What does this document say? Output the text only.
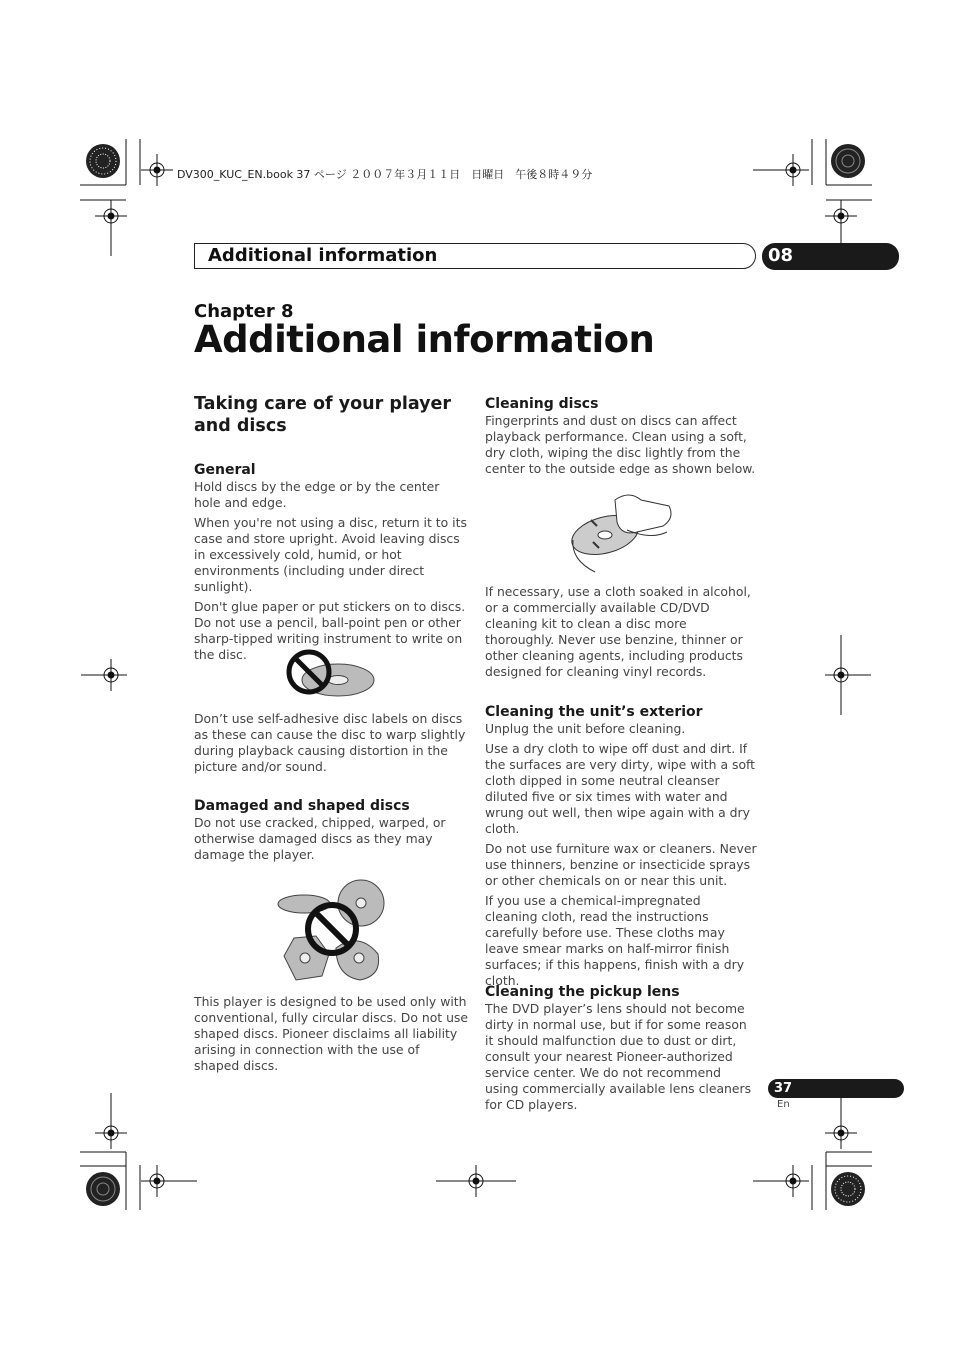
DV300_KUC_EN.book 37 ページ ２００７年３月１１日　日曜日　午後８時４９分
Additional information	08
Chapter 8
Additional information
Taking care of your player and discs
General

Hold discs by the edge or by the center hole and edge.

When you're not using a disc, return it to its case and store upright. Avoid leaving discs in excessively cold, humid, or hot environments (including under direct sunlight).

Don't glue paper or put stickers on to discs. Do not use a pencil, ball-point pen or other sharp-tipped writing instrument to write on the disc.

Don’t use self-adhesive disc labels on discs as these can cause the disc to warp slightly during playback causing distortion in the picture and/or sound.

Damaged and shaped discs

Do not use cracked, chipped, warped, or otherwise damaged discs as they may damage the player.

This player is designed to be used only with conventional, fully circular discs. Do not use shaped discs. Pioneer disclaims all liability arising in connection with the use of shaped discs.

Cleaning discs

Fingerprints and dust on discs can affect playback performance. Clean using a soft, dry cloth, wiping the disc lightly from the center to the outside edge as shown below.

If necessary, use a cloth soaked in alcohol, or a commercially available CD/DVD cleaning kit to clean a disc more thoroughly. Never use benzine, thinner or other cleaning agents, including products designed for cleaning vinyl records.

Cleaning the unit’s exterior

Unplug the unit before cleaning.

Use a dry cloth to wipe off dust and dirt. If the surfaces are very dirty, wipe with a soft cloth dipped in some neutral cleanser diluted five or six times with water and wrung out well, then wipe again with a dry cloth.

Do not use furniture wax or cleaners. Never use thinners, benzine or insecticide sprays or other chemicals on or near this unit.

If you use a chemical-impregnated cleaning cloth, read the instructions carefully before use. These cloths may leave smear marks on half-mirror finish surfaces; if this happens, finish with a dry cloth.

Cleaning the pickup lens

The DVD player’s lens should not become dirty in normal use, but if for some reason it should malfunction due to dust or dirt, consult your nearest Pioneer-authorized service center. We do not recommend using commercially available lens cleaners for CD players.

37
En
